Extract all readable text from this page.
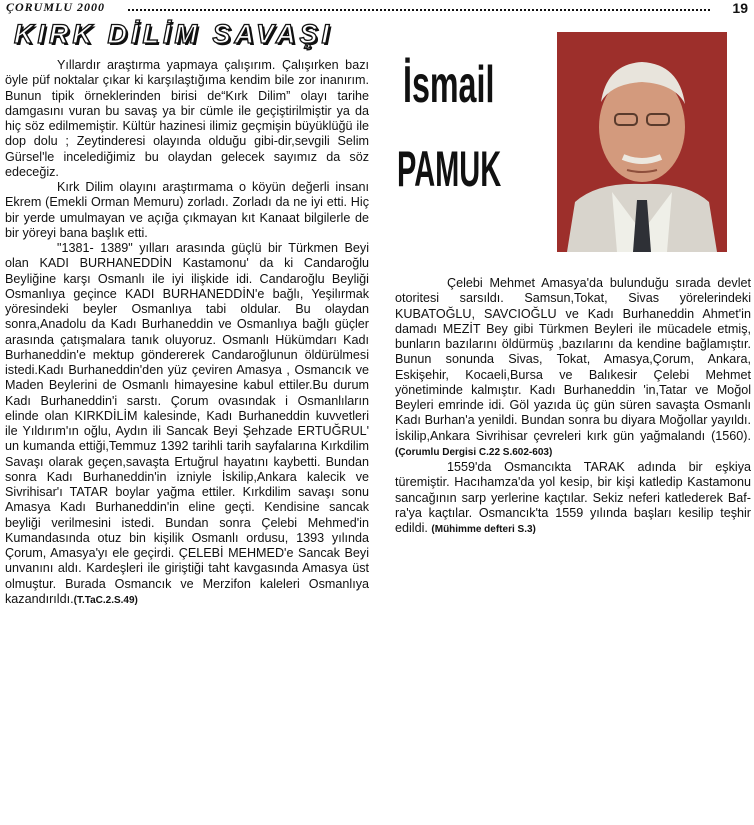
ÇORUMLU 2000	19
KIRK DİLİM SAVAŞI
İsmail
PAMUK

Yıllardır araştırma yapmaya çalışırım. Çalışırken bazı öyle püf noktalar çıkar ki karşılaştığıma kendim bile zor inanırım. Bunun tipik örneklerinden birisi de“Kırk Dilim” olayı tarihe damgasını vuran bu savaş ya bir cümle ile geçiştirilmiştir ya da hiç söz edilmemiştir. Kültür hazinesi ilimiz geçmişin büyüklüğü ile dop dolu ; Zeytinderesi olayında olduğu gibi-dir,sevgili Selim Gürsel'le incelediğimiz bu olaydan gelecek sayımız da söz edeceğiz.

Kırk Dilim olayını araştırmama o köyün değerli insanı Ekrem (Emekli Orman Memuru) zorladı. Zorladı da ne iyi etti. Hiç bir yerde umulmayan ve açığa çıkmayan kıt Kanaat bilgilerle de bir yöreyi bana başlık etti.

"1381- 1389" yılları arasında güçlü bir Türkmen Beyi olan KADI BURHANEDDİN Kastamonu' da ki Candaroğlu Beyliğine karşı Osmanlı ile iyi ilişkide idi. Candaroğlu Beyliği Osmanlıya geçince KADI BURHANEDDİN'e bağlı, Yeşilırmak yöresindeki beyler Osmanlıya tabi oldular. Bu olaydan sonra,Anadolu da Kadı Burhaneddin ve Osmanlıya bağlı güçler arasında çatışmalara tanık oluyoruz. Osmanlı Hükümdarı Kadı Burhaneddin'e mektup göndererek Candaroğlunun öldürülmesi istedi.Kadı Burhaneddin'den yüz çeviren Amasya , Osmancık ve Maden Beylerini de Osmanlı himayesine kabul ettiler.Bu durum Kadı Burhaneddin'i sarstı. Çorum ovasındak i Osmanlıların elinde olan KIRKDİLİM kalesinde, Kadı Burhaneddin kuvvetleri ile Yıldırım'ın oğlu, Aydın ili Sancak Beyi Şehzade ERTUĞRUL' un kumanda ettiği,Temmuz 1392 tarihli tarih sayfalarına Kırkdilim Savaşı olarak geçen,savaşta Ertuğrul hayatını kaybetti. Bundan sonra Kadı Burhaneddin'in izniyle İskilip,Ankara kalecik ve Sivrihisar'ı TATAR boylar yağma ettiler. Kırkdilim savaşı sonu Amasya Kadı Burhaneddin'in eline geçti. Kendisine sancak beyliği verilmesini istedi. Bundan sonra Çelebi Mehmed'in Kumandasında otuz bin kişilik Osmanlı ordusu, 1393 yılında Çorum, Amasya'yı ele geçirdi. ÇELEBİ MEHMED'e Sancak Beyi unvanını aldı. Kardeşleri ile giriştiği taht kavgasında Amasya üst olmuştur. Burada Osmancık ve Merzifon kaleleri Osmanlıya kazandırıldı.(T.TaC.2.S.49)

Çelebi Mehmet Amasya'da bulunduğu sırada devlet otoritesi sarsıldı. Samsun,Tokat, Sivas yörelerindeki KUBATOĞLU, SAVCIOĞLU ve Kadı Burhaneddin Ahmet'in damadı MEZİT Bey gibi Türkmen Beyleri ile mücadele etmiş, bunların bazılarını öldürmüş ,bazılarını da kendine bağlamıştır. Bunun sonunda Sivas, Tokat, Amasya,Çorum, Ankara, Eskişehir, Kocaeli,Bursa ve Balıkesir Çelebi Mehmet yönetiminde kalmıştır. Kadı Burhaneddin 'in,Tatar ve Moğol Beyleri emrinde idi. Göl yazıda üç gün süren savaşta Osmanlı Kadı Burhan'a yenildi. Bundan sonra bu diyara Moğollar yayıldı. İskilip,Ankara Sivrihisar çevreleri kırk gün yağmalandı (1560).(Çorumlu Dergisi C.22 S.602-603)

1559'da Osmancıkta TARAK adında bir eşkiya türemiştir. Hacıhamza'da yol kesip, bir kişi katledip Kastamonu sancağının sarp yerlerine kaçtılar. Sekiz neferi katlederek Baf-ra'ya kaçtılar. Osmancık'ta 1559 yılında başları kesilip teşhir edildi. (Mühimme defteri S.3)
